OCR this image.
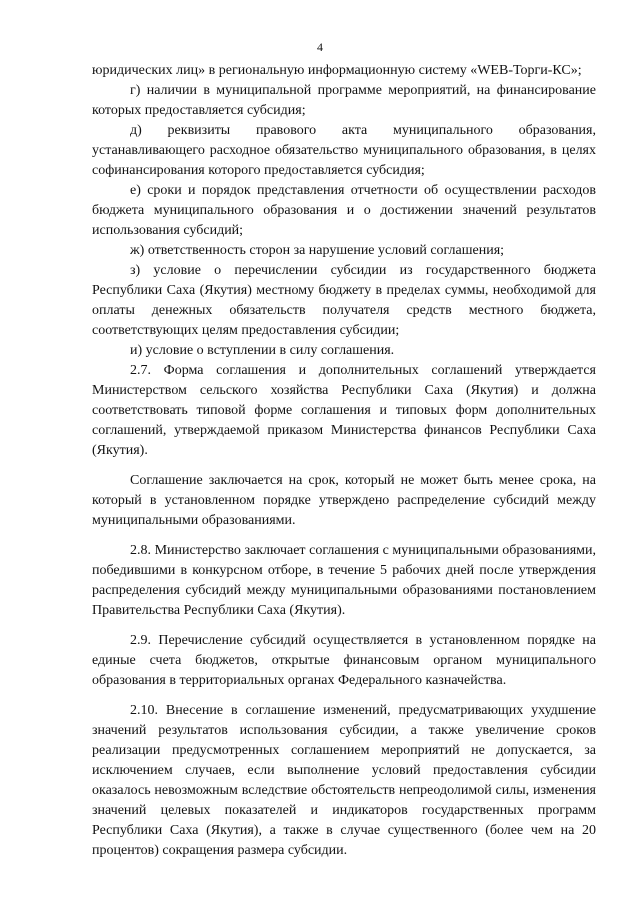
4

юридических лиц» в региональную информационную систему «WEB-Торги-КС»;

г) наличии в муниципальной программе мероприятий, на финансирование которых предоставляется субсидия;

д) реквизиты правового акта муниципального образования, устанавливающего расходное обязательство муниципального образования, в целях софинансирования которого предоставляется субсидия;

е) сроки и порядок представления отчетности об осуществлении расходов бюджета муниципального образования и о достижении значений результатов использования субсидий;

ж) ответственность сторон за нарушение условий соглашения;

з) условие о перечислении субсидии из государственного бюджета Республики Саха (Якутия) местному бюджету в пределах суммы, необходимой для оплаты денежных обязательств получателя средств местного бюджета, соответствующих целям предоставления субсидии;

и) условие о вступлении в силу соглашения.

2.7. Форма соглашения и дополнительных соглашений утверждается Министерством сельского хозяйства Республики Саха (Якутия) и должна соответствовать типовой форме соглашения и типовых форм дополнительных соглашений, утверждаемой приказом Министерства финансов Республики Саха (Якутия).

Соглашение заключается на срок, который не может быть менее срока, на который в установленном порядке утверждено распределение субсидий между муниципальными образованиями.

2.8. Министерство заключает соглашения с муниципальными образованиями, победившими в конкурсном отборе, в течение 5 рабочих дней после утверждения распределения субсидий между муниципальными образованиями постановлением Правительства Республики Саха (Якутия).

2.9. Перечисление субсидий осуществляется в установленном порядке на единые счета бюджетов, открытые финансовым органом муниципального образования в территориальных органах Федерального казначейства.

2.10. Внесение в соглашение изменений, предусматривающих ухудшение значений результатов использования субсидии, а также увеличение сроков реализации предусмотренных соглашением мероприятий не допускается, за исключением случаев, если выполнение условий предоставления субсидии оказалось невозможным вследствие обстоятельств непреодолимой силы, изменения значений целевых показателей и индикаторов государственных программ Республики Саха (Якутия), а также в случае существенного (более чем на 20 процентов) сокращения размера субсидии.
